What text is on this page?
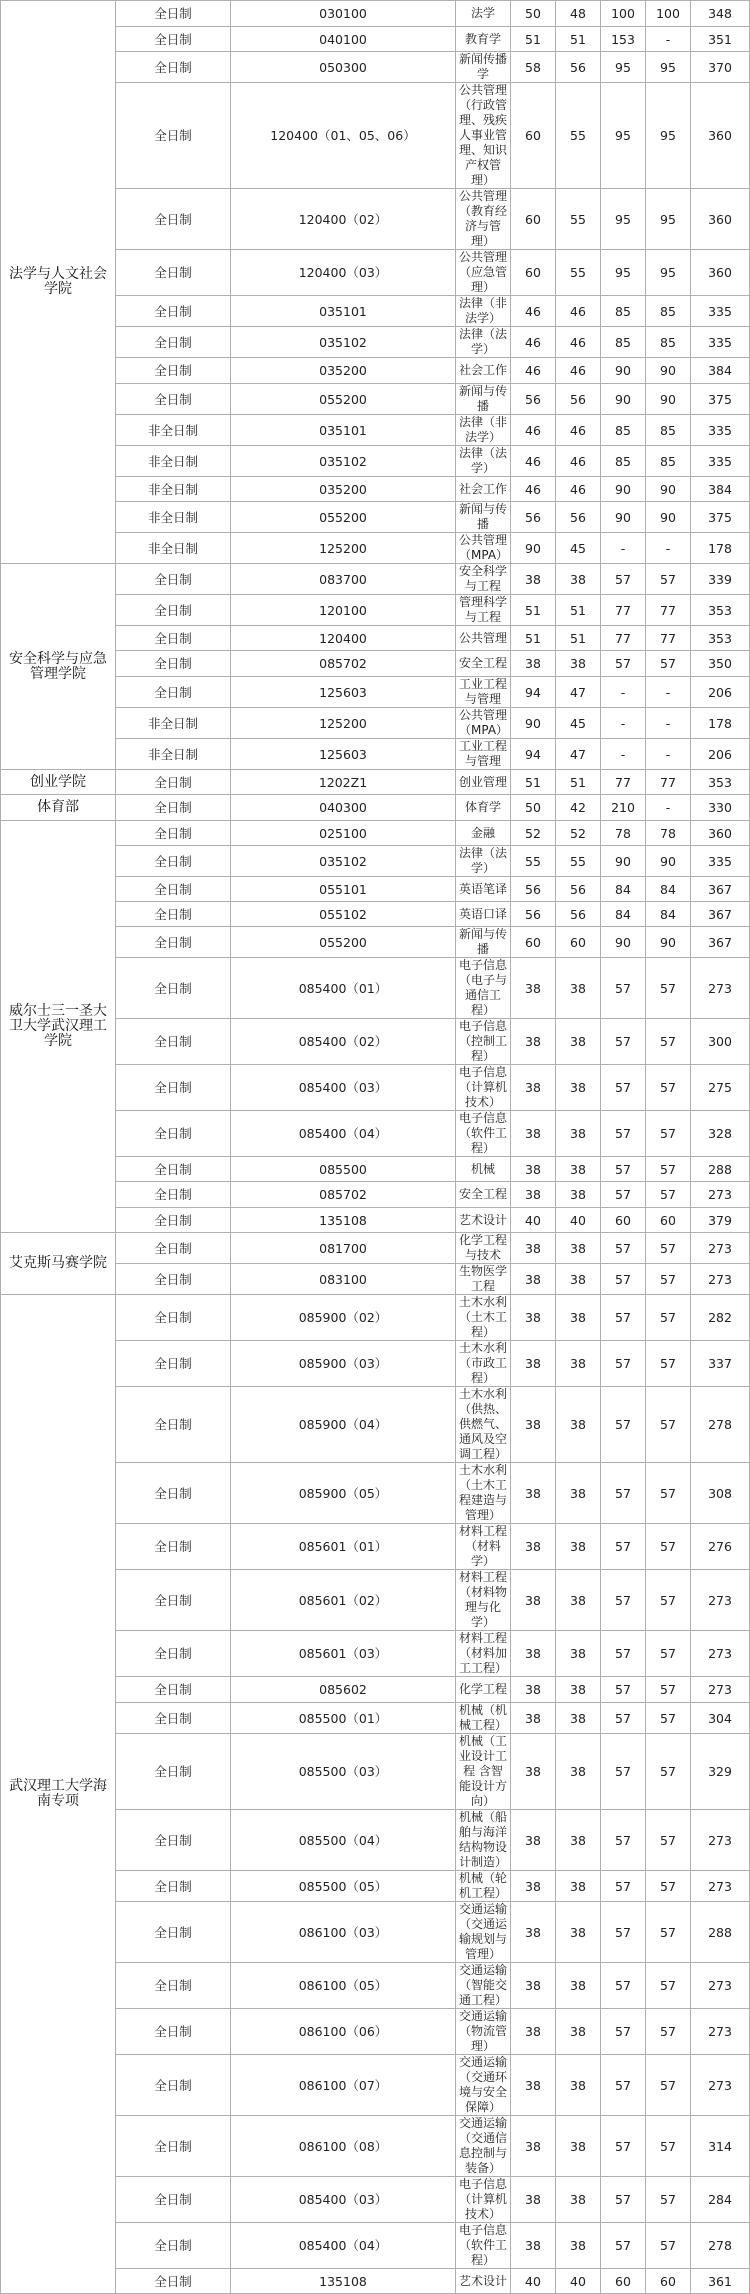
法学与人文社会学院	全日制	030100	法学	50	48	100	100	348
	全日制	040100	教育学	51	51	153	-	351
	全日制	050300	新闻传播学	58	56	95	95	370
	全日制	120400（01、05、06）	公共管理（行政管理、残疾人事业管理、知识产权管理）	60	55	95	95	360
	全日制	120400（02）	公共管理（教育经济与管理）	60	55	95	95	360
	全日制	120400（03）	公共管理（应急管理）	60	55	95	95	360
	全日制	035101	法律（非法学）	46	46	85	85	335
	全日制	035102	法律（法学）	46	46	85	85	335
	全日制	035200	社会工作	46	46	90	90	384
	全日制	055200	新闻与传播	56	56	90	90	375
	非全日制	035101	法律（非法学）	46	46	85	85	335
	非全日制	035102	法律（法学）	46	46	85	85	335
	非全日制	035200	社会工作	46	46	90	90	384
	非全日制	055200	新闻与传播	56	56	90	90	375
	非全日制	125200	公共管理（MPA）	90	45	-	-	178
安全科学与应急管理学院	全日制	083700	安全科学与工程	38	38	57	57	339
	全日制	120100	管理科学与工程	51	51	77	77	353
	全日制	120400	公共管理	51	51	77	77	353
	全日制	085702	安全工程	38	38	57	57	350
	全日制	125603	工业工程与管理	94	47	-	-	206
	非全日制	125200	公共管理（MPA）	90	45	-	-	178
	非全日制	125603	工业工程与管理	94	47	-	-	206
创业学院	全日制	1202Z1	创业管理	51	51	77	77	353
体育部	全日制	040300	体育学	50	42	210	-	330
威尔士三一圣大卫大学武汉理工学院	全日制	025100	金融	52	52	78	78	360
	全日制	035102	法律（法学）	55	55	90	90	335
	全日制	055101	英语笔译	56	56	84	84	367
	全日制	055102	英语口译	56	56	84	84	367
	全日制	055200	新闻与传播	60	60	90	90	367
	全日制	085400（01）	电子信息（电子与通信工程）	38	38	57	57	273
	全日制	085400（02）	电子信息（控制工程）	38	38	57	57	300
	全日制	085400（03）	电子信息（计算机技术）	38	38	57	57	275
	全日制	085400（04）	电子信息（软件工程）	38	38	57	57	328
	全日制	085500	机械	38	38	57	57	288
	全日制	085702	安全工程	38	38	57	57	273
	全日制	135108	艺术设计	40	40	60	60	379
艾克斯马赛学院	全日制	081700	化学工程与技术	38	38	57	57	273
	全日制	083100	生物医学工程	38	38	57	57	273
武汉理工大学海南专项	全日制	085900（02）	土木水利（土木工程）	38	38	57	57	282
	全日制	085900（03）	土木水利（市政工程）	38	38	57	57	337
	全日制	085900（04）	土木水利（供热、供燃气、通风及空调工程）	38	38	57	57	278
	全日制	085900（05）	土木水利（土木工程建造与管理）	38	38	57	57	308
	全日制	085601（01）	材料工程（材料学）	38	38	57	57	276
	全日制	085601（02）	材料工程（材料物理与化学）	38	38	57	57	273
	全日制	085601（03）	材料工程（材料加工工程）	38	38	57	57	273
	全日制	085602	化学工程	38	38	57	57	273
	全日制	085500（01）	机械（机械工程）	38	38	57	57	304
	全日制	085500（03）	机械（工业设计工程 含智能设计方向）	38	38	57	57	329
	全日制	085500（04）	机械（船舶与海洋结构物设计制造）	38	38	57	57	273
	全日制	085500（05）	机械（轮机工程）	38	38	57	57	273
	全日制	086100（03）	交通运输（交通运输规划与管理）	38	38	57	57	288
	全日制	086100（05）	交通运输（智能交通工程）	38	38	57	57	273
	全日制	086100（06）	交通运输（物流管理）	38	38	57	57	273
	全日制	086100（07）	交通运输（交通环境与安全保障）	38	38	57	57	273
	全日制	086100（08）	交通运输（交通信息控制与装备）	38	38	57	57	314
	全日制	085400（03）	电子信息（计算机技术）	38	38	57	57	284
	全日制	085400（04）	电子信息（软件工程）	38	38	57	57	278
	全日制	135108	艺术设计	40	40	60	60	361
